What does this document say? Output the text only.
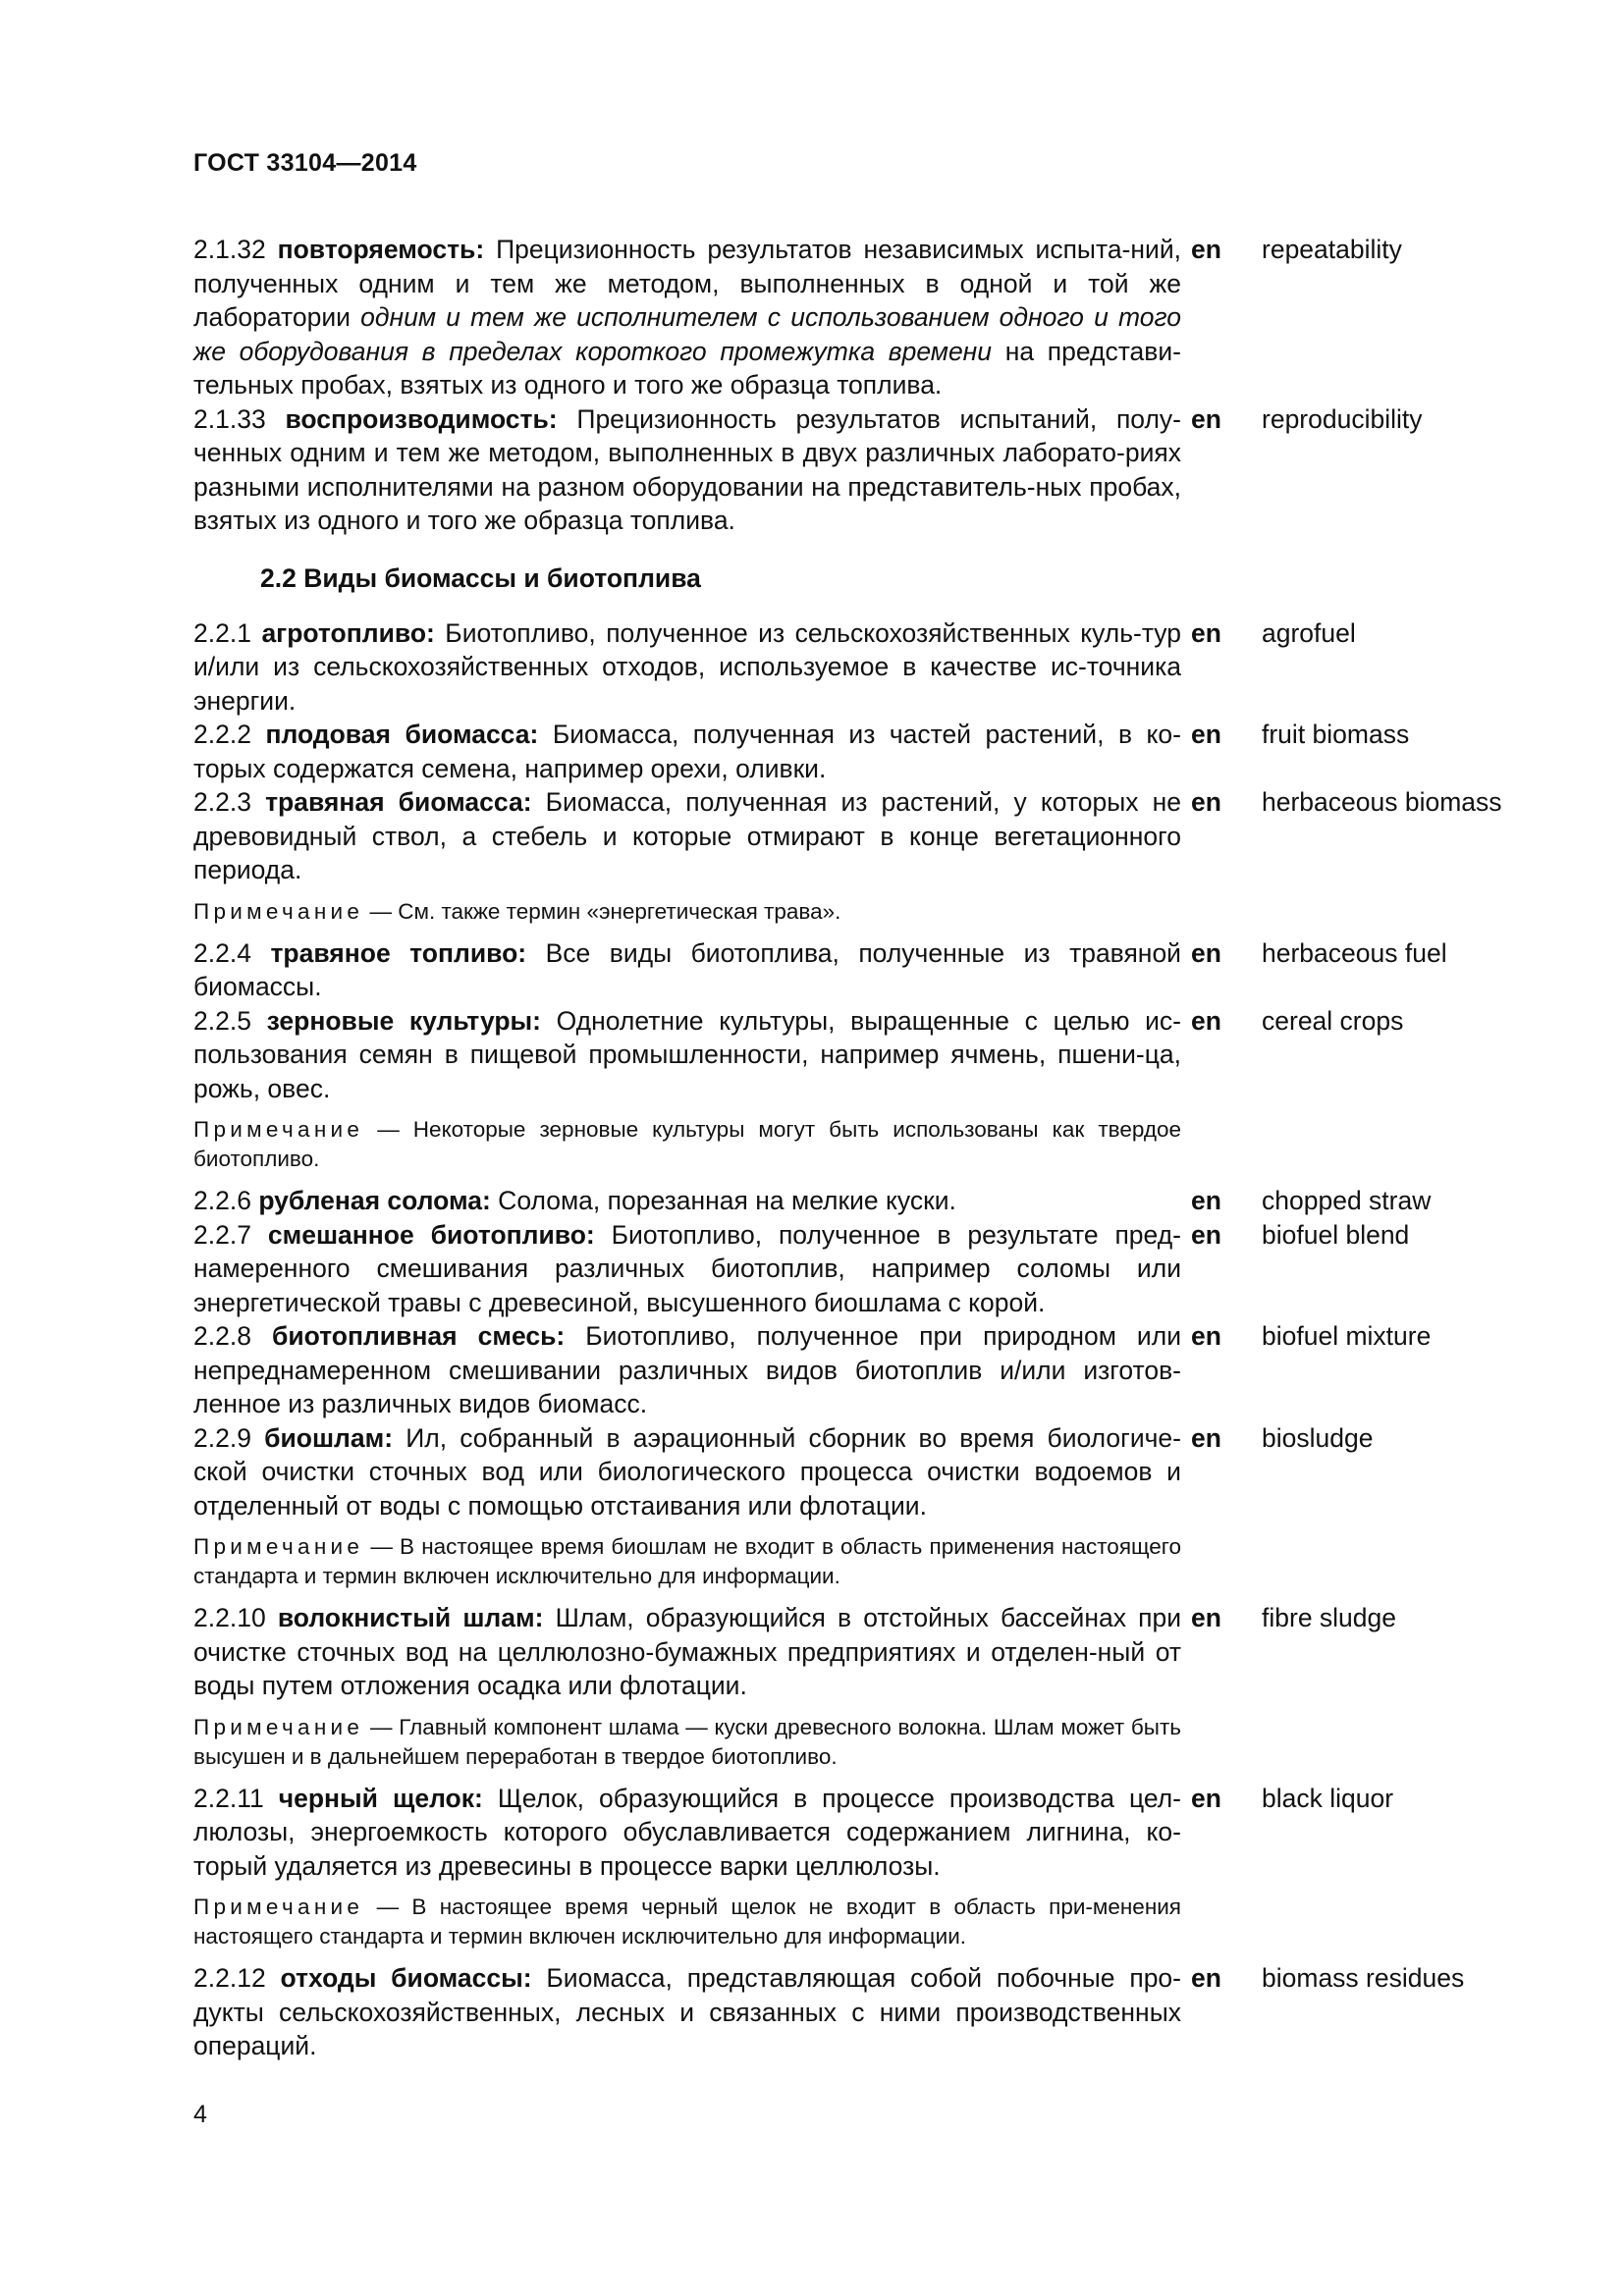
ГОСТ 33104—2014
2.1.32 повторяемость: Прецизионность результатов независимых испыта-ний, полученных одним и тем же методом, выполненных в одной и той же лаборатории одним и тем же исполнителем с использованием одного и того же оборудования в пределах короткого промежутка времени на представи-тельных пробах, взятых из одного и того же образца топлива.
en	repeatability
2.1.33 воспроизводимость: Прецизионность результатов испытаний, полу-ченных одним и тем же методом, выполненных в двух различных лаборато-риях разными исполнителями на разном оборудовании на представитель-ных пробах, взятых из одного и того же образца топлива.
en	reproducibility
2.2 Виды биомассы и биотоплива
2.2.1 агротопливо: Биотопливо, полученное из сельскохозяйственных куль-тур и/или из сельскохозяйственных отходов, используемое в качестве ис-точника энергии.
en	agrofuel
2.2.2 плодовая биомасса: Биомасса, полученная из частей растений, в ко-торых содержатся семена, например орехи, оливки.
en	fruit biomass
2.2.3 травяная биомасса: Биомасса, полученная из растений, у которых не древовидный ствол, а стебель и которые отмирают в конце вегетационного периода.
en	herbaceous biomass
Примечание — См. также термин «энергетическая трава».
2.2.4 травяное топливо: Все виды биотоплива, полученные из травяной биомассы.
en	herbaceous fuel
2.2.5 зерновые культуры: Однолетние культуры, выращенные с целью ис-пользования семян в пищевой промышленности, например ячмень, пшени-ца, рожь, овес.
en	cereal crops
Примечание — Некоторые зерновые культуры могут быть использованы как твердое биотопливо.
2.2.6 рубленая солома: Солома, порезанная на мелкие куски.	en	chopped straw
2.2.7 смешанное биотопливо: Биотопливо, полученное в результате пред-намеренного смешивания различных биотоплив, например соломы или энергетической травы с древесиной, высушенного биошлама с корой.
en	biofuel blend
2.2.8 биотопливная смесь: Биотопливо, полученное при природном или непреднамеренном смешивании различных видов биотоплив и/или изготов-ленное из различных видов биомасс.
en	biofuel mixture
2.2.9 биошлам: Ил, собранный в аэрационный сборник во время биологиче-ской очистки сточных вод или биологического процесса очистки водоемов и отделенный от воды с помощью отстаивания или флотации.
en	biosludge
Примечание — В настоящее время биошлам не входит в область применения настоящего стандарта и термин включен исключительно для информации.
2.2.10 волокнистый шлам: Шлам, образующийся в отстойных бассейнах при очистке сточных вод на целлюлозно-бумажных предприятиях и отделен-ный от воды путем отложения осадка или флотации.
en	fibre sludge
Примечание — Главный компонент шлама — куски древесного волокна. Шлам может быть высушен и в дальнейшем переработан в твердое биотопливо.
2.2.11 черный щелок: Щелок, образующийся в процессе производства цел-люлозы, энергоемкость которого обуславливается содержанием лигнина, ко-торый удаляется из древесины в процессе варки целлюлозы.
en	black liquor
Примечание — В настоящее время черный щелок не входит в область при-менения настоящего стандарта и термин включен исключительно для информации.
2.2.12 отходы биомассы: Биомасса, представляющая собой побочные про-дукты сельскохозяйственных, лесных и связанных с ними производственных операций.
en	biomass residues
4
